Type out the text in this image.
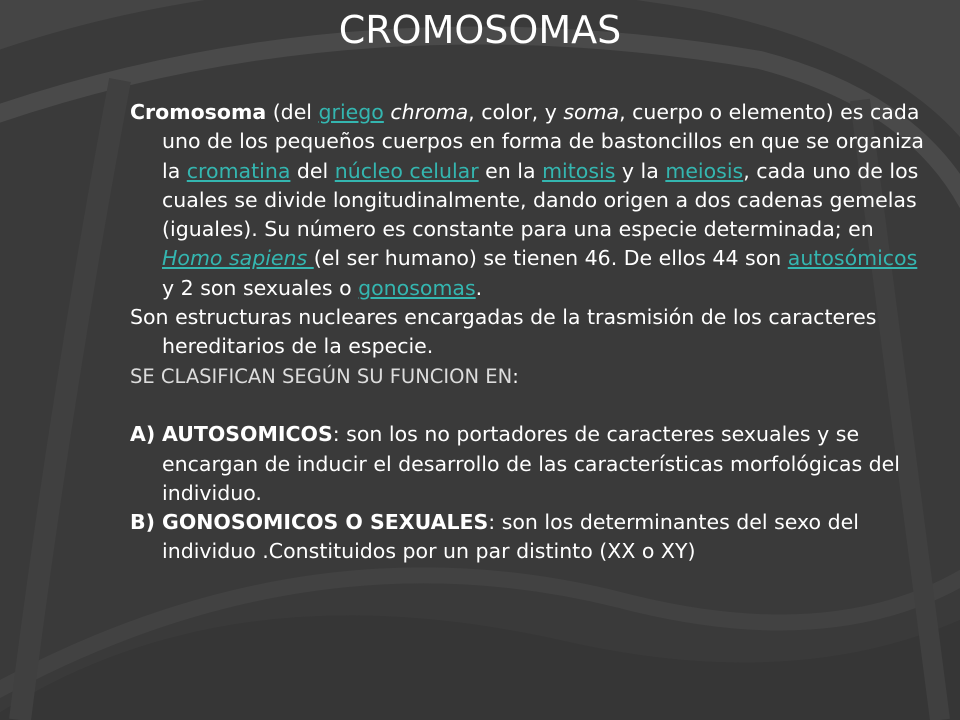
CROMOSOMAS

Cromosoma (del griego chroma, color, y soma, cuerpo o elemento) es cada uno de los pequeños cuerpos en forma de bastoncillos en que se organiza la cromatina del núcleo celular en la mitosis y la meiosis, cada uno de los cuales se divide longitudinalmente, dando origen a dos cadenas gemelas (iguales). Su número es constante para una especie determinada; en Homo sapiens (el ser humano) se tienen 46. De ellos 44 son autosómicos y 2 son sexuales o gonosomas.

Son estructuras nucleares encargadas de la trasmisión de los caracteres hereditarios de la especie.

SE CLASIFICAN SEGÚN SU FUNCION EN:

A) AUTOSOMICOS: son los no portadores de caracteres sexuales y se encargan de inducir el desarrollo de las características morfológicas del individuo.

B) GONOSOMICOS O SEXUALES: son los determinantes del sexo del individuo .Constituidos por un par distinto (XX o XY)
